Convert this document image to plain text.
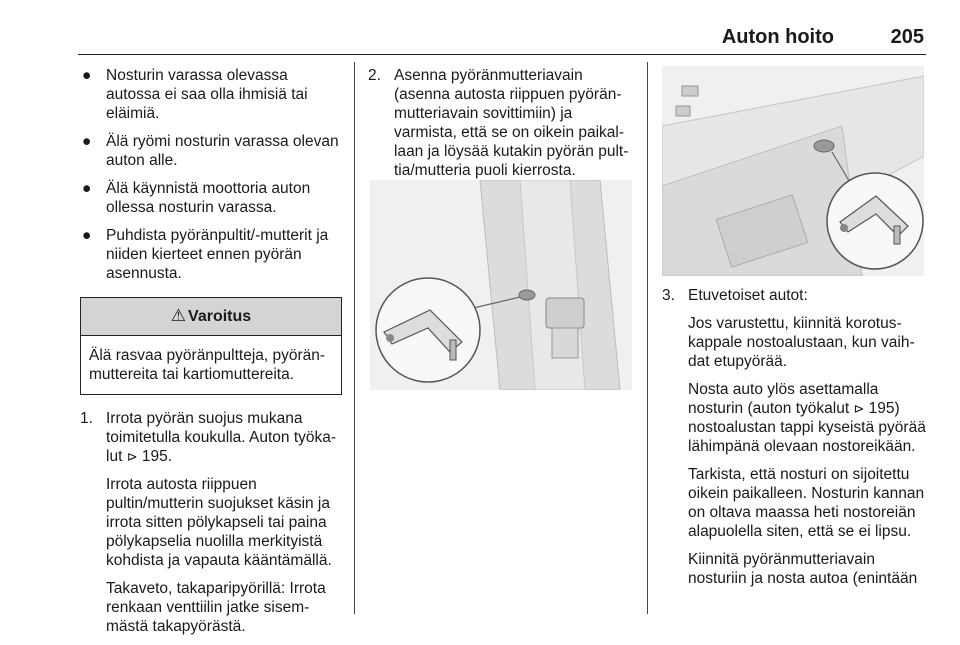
Auton hoito	205
● Nosturin varassa olevassa autossa ei saa olla ihmisiä tai eläimiä.
● Älä ryömi nosturin varassa olevan auton alle.
● Älä käynnistä moottoria auton ollessa nosturin varassa.
● Puhdista pyöränpultit/-mutterit ja niiden kierteet ennen pyörän asennusta.
⚠ Varoitus
Älä rasvaa pyöränpultteja, pyöränmuttereita tai kartiomuttereita.
1. Irrota pyörän suojus mukana toimitetulla koukulla. Auton työkalut ⊳ 195.

Irrota autosta riippuen pultin/mutterin suojukset käsin ja irrota sitten pölykapseli tai paina pölykapselia nuolilla merkityistä kohdista ja vapauta kääntämällä.

Takaveto, takaparipyörillä: Irrota renkaan venttiilin jatke sisemmästä takapyörästä.

2. Asenna pyöränmutteriavain (asenna autosta riippuen pyöränmutteriavain sovittimiin) ja varmista, että se on oikein paikallaan ja löysää kutakin pyörän pulttia/mutteria puoli kierrosta.

3. Etuvetoiset autot:

Jos varustettu, kiinnitä korotuskappale nostoalustaan, kun vaihdat etupyörää.

Nosta auto ylös asettamalla nosturin (auton työkalut ⊳ 195) nostoalustan tappi kyseistä pyörää lähimpänä olevaan nostoreikään.

Tarkista, että nosturi on sijoitettu oikein paikalleen. Nosturin kannan on oltava maassa heti nostoreiän alapuolella siten, että se ei lipsu.

Kiinnitä pyöränmutteriavain nosturiin ja nosta autoa (enintään
